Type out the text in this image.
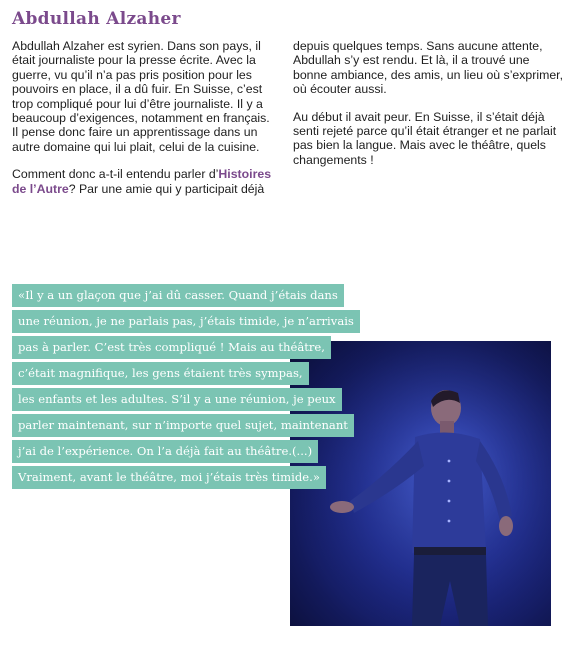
Abdullah Alzaher

Abdullah Alzaher est syrien. Dans son pays, il était journaliste pour la presse écrite. Avec la guerre, vu qu’il n’a pas pris position pour les pouvoirs en place, il a dû fuir. En Suisse, c’est trop compliqué pour lui d’être journaliste. Il y a beaucoup d’exigences, notamment en français. Il pense donc faire un apprentissage dans un autre domaine qui lui plait, celui de la cuisine.

Comment donc a-t-il entendu parler d’Histoires de l’Autre? Par une amie qui y participait déjà

depuis quelques temps. Sans aucune attente, Abdullah s’y est rendu. Et là, il a trouvé une bonne ambiance, des amis, un lieu où s’exprimer, où écouter aussi.

Au début il avait peur. En Suisse, il s’était déjà senti rejeté parce qu’il était étranger et ne parlait pas bien la langue. Mais avec le théâtre, quels changements !

«Il y a un glaçon que j’ai dû casser. Quand j’étais dans
une réunion, je ne parlais pas, j’étais timide, je n’arrivais
pas à parler. C’est très compliqué ! Mais au théâtre,
c’était magnifique, les gens étaient très sympas,
les enfants et les adultes. S’il y a une réunion, je peux
parler maintenant, sur n’importe quel sujet, maintenant
j’ai de l’expérience. On l’a déjà fait au théâtre.(...)
Vraiment, avant le théâtre, moi j’étais très timide.»
